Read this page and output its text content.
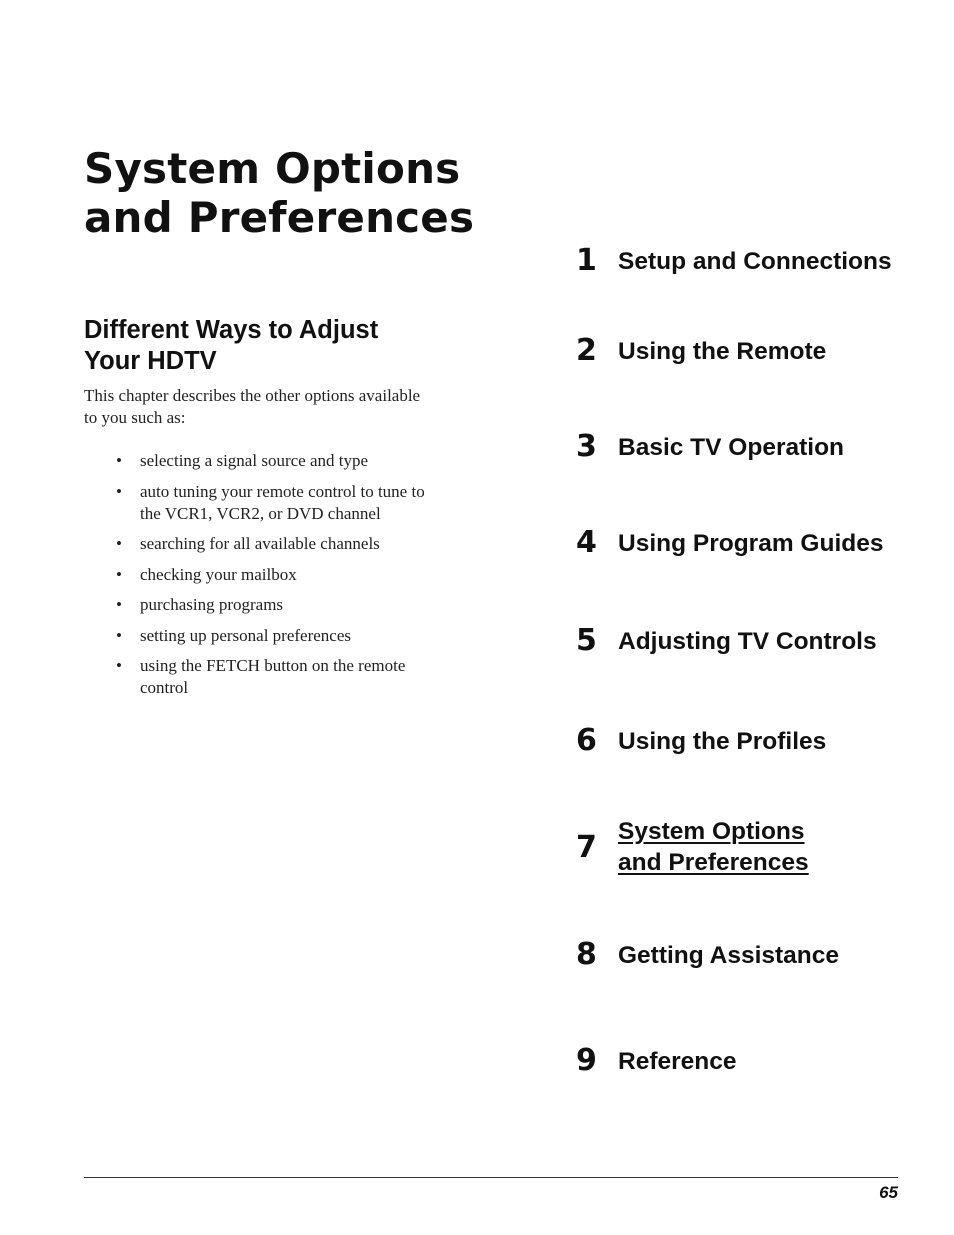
System Options
and Preferences
Different Ways to Adjust
Your HDTV

This chapter describes the other options available
to you such as:

• selecting a signal source and type
• auto tuning your remote control to tune to
the VCR1, VCR2, or DVD channel
• searching for all available channels
• checking your mailbox
• purchasing programs
• setting up personal preferences
• using the FETCH button on the remote
control
1 Setup and Connections
2 Using the Remote
3 Basic TV Operation
4 Using Program Guides
5 Adjusting TV Controls
6 Using the Profiles
7 System Options
and Preferences
8 Getting Assistance
9 Reference
65
